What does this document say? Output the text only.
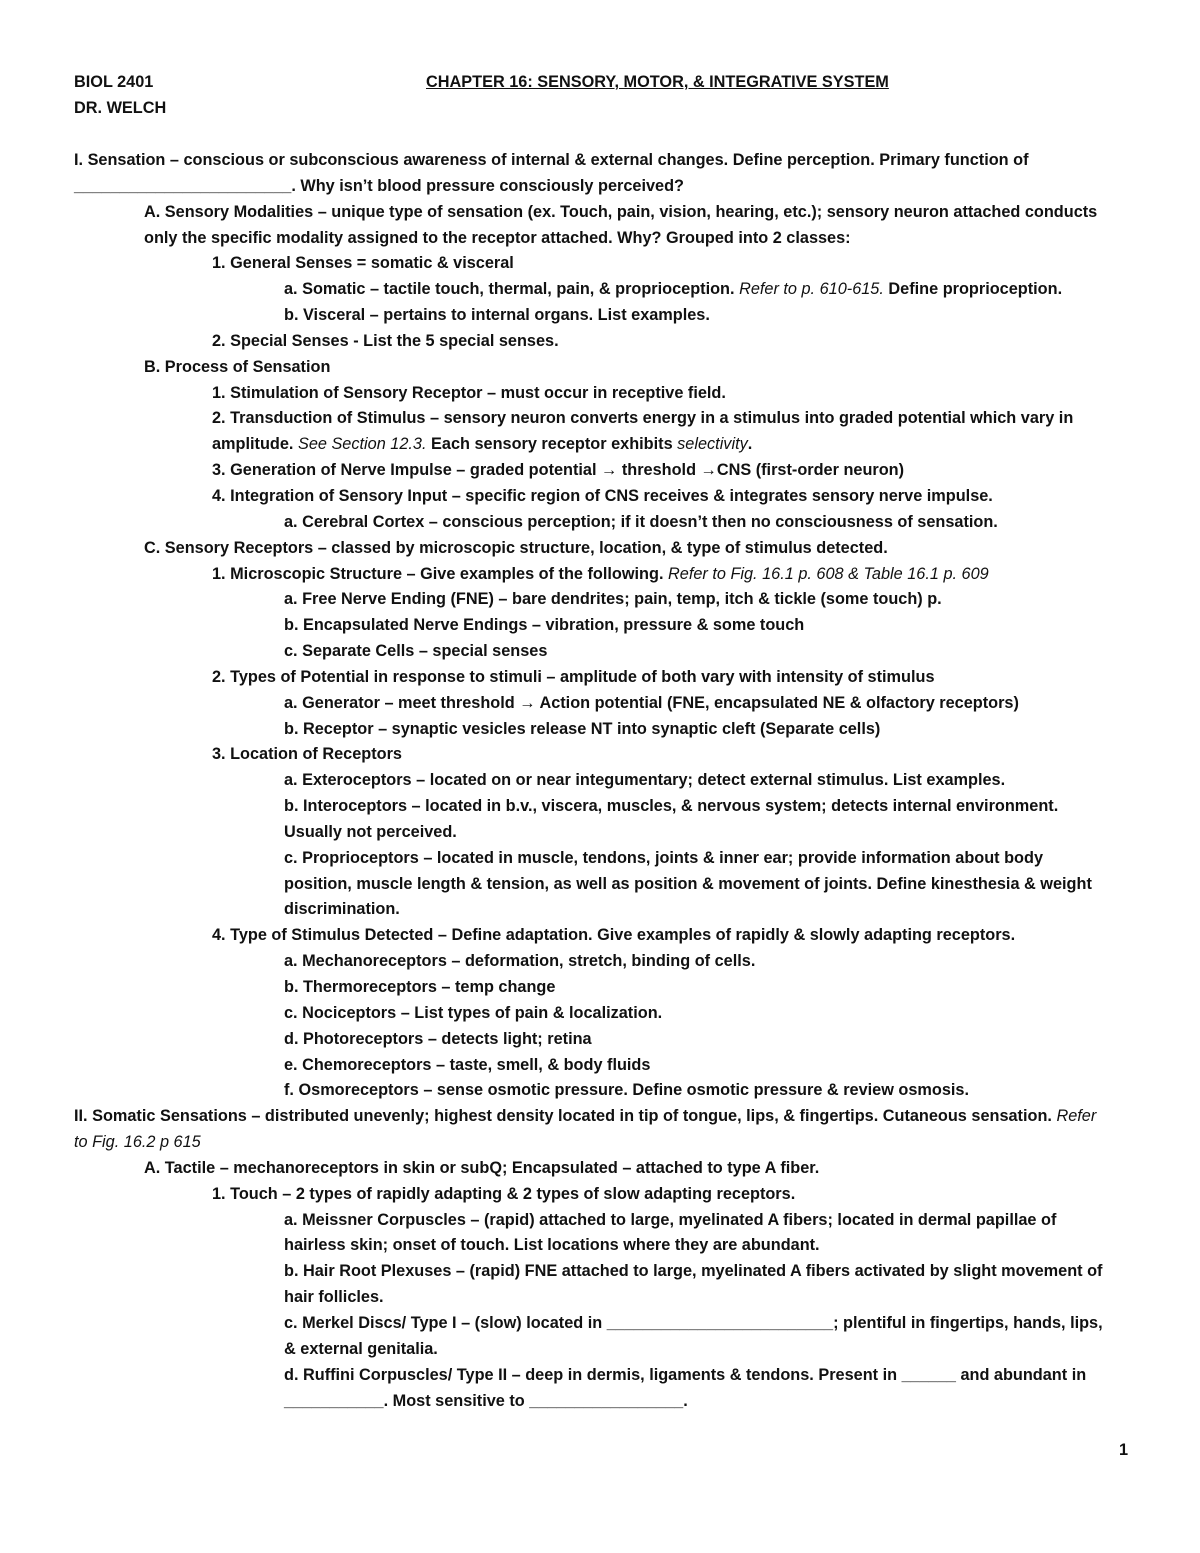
BIOL 2401
DR. WELCH
CHAPTER 16: SENSORY, MOTOR, & INTEGRATIVE SYSTEM

I. Sensation – conscious or subconscious awareness of internal & external changes. Define perception. Primary function of

________________________. Why isn’t blood pressure consciously perceived?

A. Sensory Modalities – unique type of sensation (ex. Touch, pain, vision, hearing, etc.); sensory neuron attached conducts

only the specific modality assigned to the receptor attached. Why? Grouped into 2 classes:

1. General Senses = somatic & visceral

a. Somatic – tactile touch, thermal, pain, & proprioception. Refer to p. 610-615. Define proprioception.

b. Visceral – pertains to internal organs. List examples.

2. Special Senses - List the 5 special senses.

B. Process of Sensation

1. Stimulation of Sensory Receptor – must occur in receptive field.

2. Transduction of Stimulus – sensory neuron converts energy in a stimulus into graded potential which vary in

amplitude. See Section 12.3. Each sensory receptor exhibits selectivity.

3. Generation of Nerve Impulse – graded potential → threshold →CNS (first-order neuron)

4. Integration of Sensory Input – specific region of CNS receives & integrates sensory nerve impulse.

a. Cerebral Cortex – conscious perception; if it doesn’t then no consciousness of sensation.

C. Sensory Receptors – classed by microscopic structure, location, & type of stimulus detected.

1. Microscopic Structure – Give examples of the following. Refer to Fig. 16.1 p. 608 & Table 16.1 p. 609

a. Free Nerve Ending (FNE) – bare dendrites; pain, temp, itch & tickle (some touch) p.

b. Encapsulated Nerve Endings – vibration, pressure & some touch

c. Separate Cells – special senses

2. Types of Potential in response to stimuli – amplitude of both vary with intensity of stimulus

a. Generator – meet threshold → Action potential (FNE, encapsulated NE & olfactory receptors)

b. Receptor – synaptic vesicles release NT into synaptic cleft (Separate cells)

3. Location of Receptors

a. Exteroceptors – located on or near integumentary; detect external stimulus. List examples.

b. Interoceptors – located in b.v., viscera, muscles, & nervous system; detects internal environment.

Usually not perceived.

c. Proprioceptors – located in muscle, tendons, joints & inner ear; provide information about body

position, muscle length & tension, as well as position & movement of joints. Define kinesthesia & weight

discrimination.

4. Type of Stimulus Detected – Define adaptation. Give examples of rapidly & slowly adapting receptors.

a. Mechanoreceptors – deformation, stretch, binding of cells.

b. Thermoreceptors – temp change

c. Nociceptors – List types of pain & localization.

d. Photoreceptors – detects light; retina

e. Chemoreceptors – taste, smell, & body fluids

f. Osmoreceptors – sense osmotic pressure. Define osmotic pressure & review osmosis.

II. Somatic Sensations – distributed unevenly; highest density located in tip of tongue, lips, & fingertips. Cutaneous sensation. Refer

to Fig. 16.2 p 615

A. Tactile – mechanoreceptors in skin or subQ; Encapsulated – attached to type A fiber.

1. Touch – 2 types of rapidly adapting & 2 types of slow adapting receptors.

a. Meissner Corpuscles – (rapid) attached to large, myelinated A fibers; located in dermal papillae of

hairless skin; onset of touch. List locations where they are abundant.

b. Hair Root Plexuses – (rapid) FNE attached to large, myelinated A fibers activated by slight movement of

hair follicles.

c. Merkel Discs/ Type I – (slow) located in _________________________; plentiful in fingertips, hands, lips,

& external genitalia.

d. Ruffini Corpuscles/ Type II – deep in dermis, ligaments & tendons. Present in ______ and abundant in

___________. Most sensitive to _________________.

1
